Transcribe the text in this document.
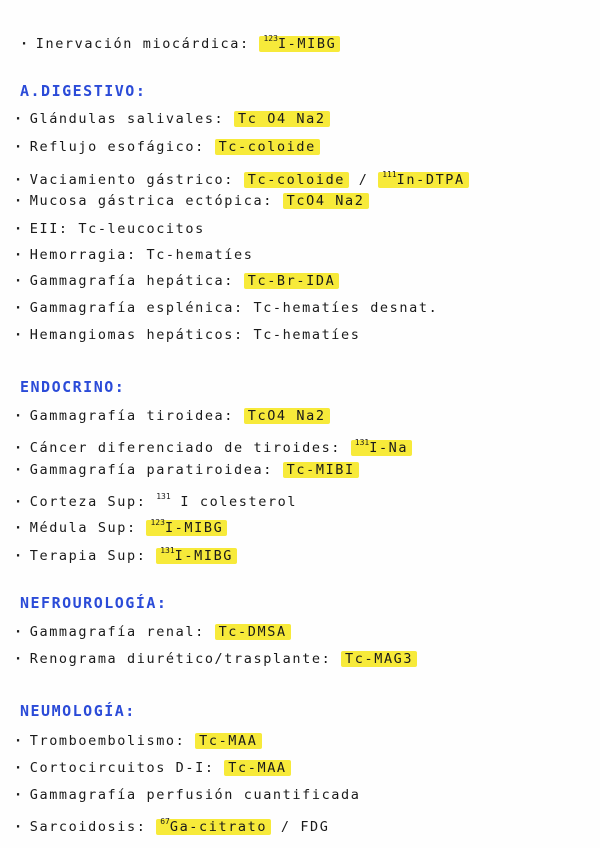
· Inervación miocárdica: $^{123}$I-MIBG
A.DIGESTIVO:
· Glándulas salivales: Tc O4 Na2
· Reflujo esofágico: Tc-coloide
· Vaciamiento gástrico: Tc-coloide / $^{111}$In-DTPA
· Mucosa gástrica ectópica: TcO4 Na2
· EII: Tc-leucocitos
· Hemorragia: Tc-hematíes
· Gammagrafía hepática: Tc-Br-IDA
· Gammagrafía esplénica: Tc-hematíes desnat.
· Hemangiomas hepáticos: Tc-hematíes
ENDOCRINO:
· Gammagrafía tiroidea: TcO4 Na2
· Cáncer diferenciado de tiroides: $^{131}$I-Na
· Gammagrafía paratiroidea: Tc-MIBI
· Corteza Sup: $^{131}$ I colesterol
· Médula Sup: $^{123}$I-MIBG
· Terapia Sup: $^{131}$I-MIBG
NEFROUROLOGÍA:
· Gammagrafía renal: Tc-DMSA
· Renograma diurético/trasplante: Tc-MAG3
NEUMOLOGÍA:
· Tromboembolismo: Tc-MAA
· Cortocircuitos D-I: Tc-MAA
· Gammagrafía perfusión cuantificada
· Sarcoidosis: $^{67}$Ga-citrato / FDG
